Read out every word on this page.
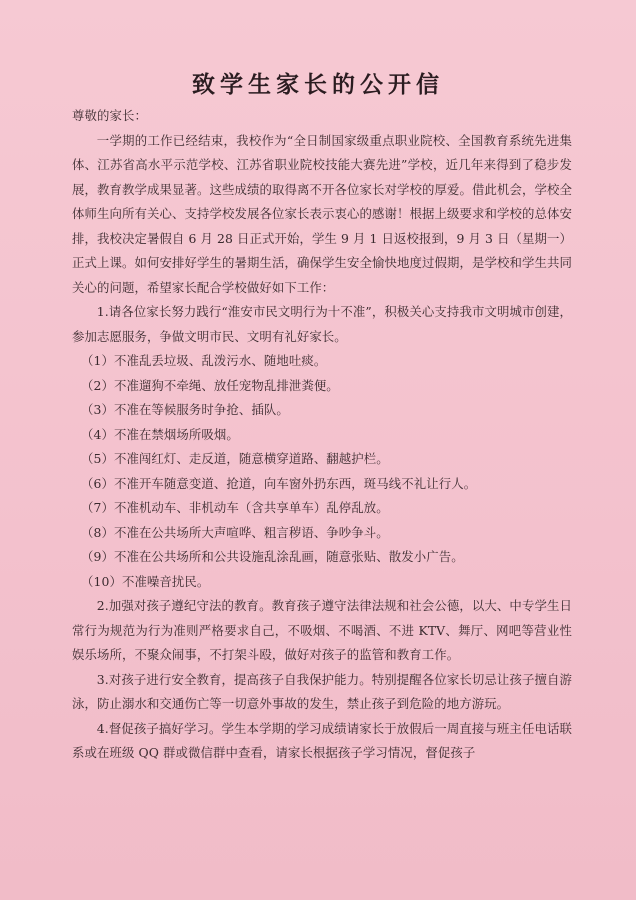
致学生家长的公开信

尊敬的家长：

一学期的工作已经结束，我校作为“全日制国家级重点职业院校、全国教育系统先进集体、江苏省高水平示范学校、江苏省职业院校技能大赛先进”学校，近几年来得到了稳步发展，教育教学成果显著。这些成绩的取得离不开各位家长对学校的厚爱。借此机会，学校全体师生向所有关心、支持学校发展各位家长表示衷心的感谢！根据上级要求和学校的总体安排，我校决定暑假自 6 月 28 日正式开始，学生 9 月 1 日返校报到，9 月 3 日（星期一）正式上课。如何安排好学生的暑期生活，确保学生安全愉快地度过假期，是学校和学生共同关心的问题，希望家长配合学校做好如下工作：

1.请各位家长努力践行“淮安市民文明行为十不准”，积极关心支持我市文明城市创建，参加志愿服务，争做文明市民、文明有礼好家长。

（1）不准乱丢垃圾、乱泼污水、随地吐痰。

（2）不准遛狗不牵绳、放任宠物乱排泄粪便。

（3）不准在等候服务时争抢、插队。

（4）不准在禁烟场所吸烟。

（5）不准闯红灯、走反道，随意横穿道路、翻越护栏。

（6）不准开车随意变道、抢道，向车窗外扔东西，斑马线不礼让行人。

（7）不准机动车、非机动车（含共享单车）乱停乱放。

（8）不准在公共场所大声喧哗、粗言秽语、争吵争斗。

（9）不准在公共场所和公共设施乱涂乱画，随意张贴、散发小广告。

（10）不准噪音扰民。

2.加强对孩子遵纪守法的教育。教育孩子遵守法律法规和社会公德，以大、中专学生日常行为规范为行为准则严格要求自己，不吸烟、不喝酒、不进 KTV、舞厅、网吧等营业性娱乐场所，不聚众闹事，不打架斗殴，做好对孩子的监管和教育工作。

3.对孩子进行安全教育，提高孩子自我保护能力。特别提醒各位家长切忌让孩子擅自游泳，防止溺水和交通伤亡等一切意外事故的发生，禁止孩子到危险的地方游玩。

4.督促孩子搞好学习。学生本学期的学习成绩请家长于放假后一周直接与班主任电话联系或在班级 QQ 群或微信群中查看，请家长根据孩子学习情况，督促孩子
